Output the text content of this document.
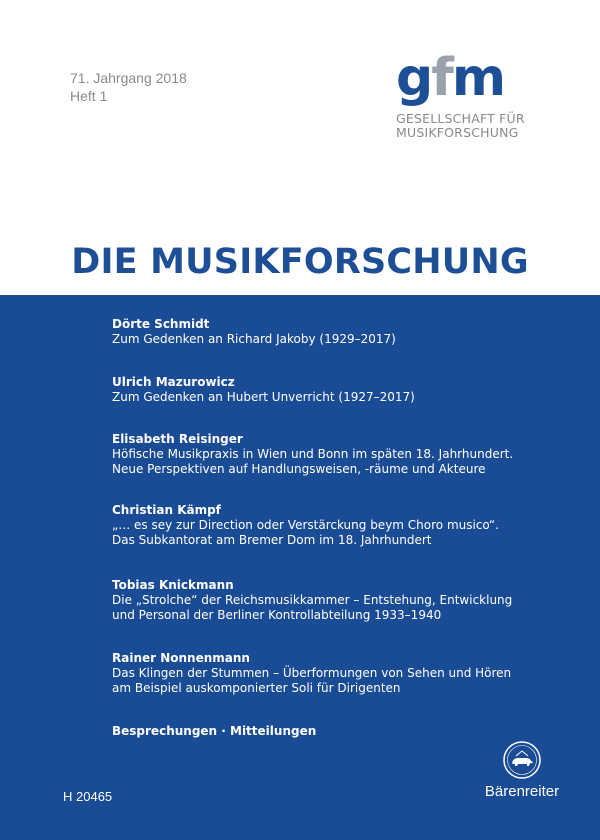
71. Jahrgang 2018
Heft 1	gfm
GESELLSCHAFT FÜR
MUSIKFORSCHUNG
DIE MUSIKFORSCHUNG
Dörte Schmidt
Zum Gedenken an Richard Jakoby (1929–2017)
Ulrich Mazurowicz
Zum Gedenken an Hubert Unverricht (1927–2017)
Elisabeth Reisinger
Höfische Musikpraxis in Wien und Bonn im späten 18. Jahrhundert.
Neue Perspektiven auf Handlungsweisen, -räume und Akteure
Christian Kämpf
„… es sey zur Direction oder Verstärckung beym Choro musico“.
Das Subkantorat am Bremer Dom im 18. Jahrhundert
Tobias Knickmann
Die „Strolche“ der Reichsmusikkammer – Entstehung, Entwicklung
und Personal der Berliner Kontrollabteilung 1933–1940
Rainer Nonnenmann
Das Klingen der Stummen – Überformungen von Sehen und Hören
am Beispiel auskomponierter Soli für Dirigenten
Besprechungen · Mitteilungen
H 20465	Bärenreiter
